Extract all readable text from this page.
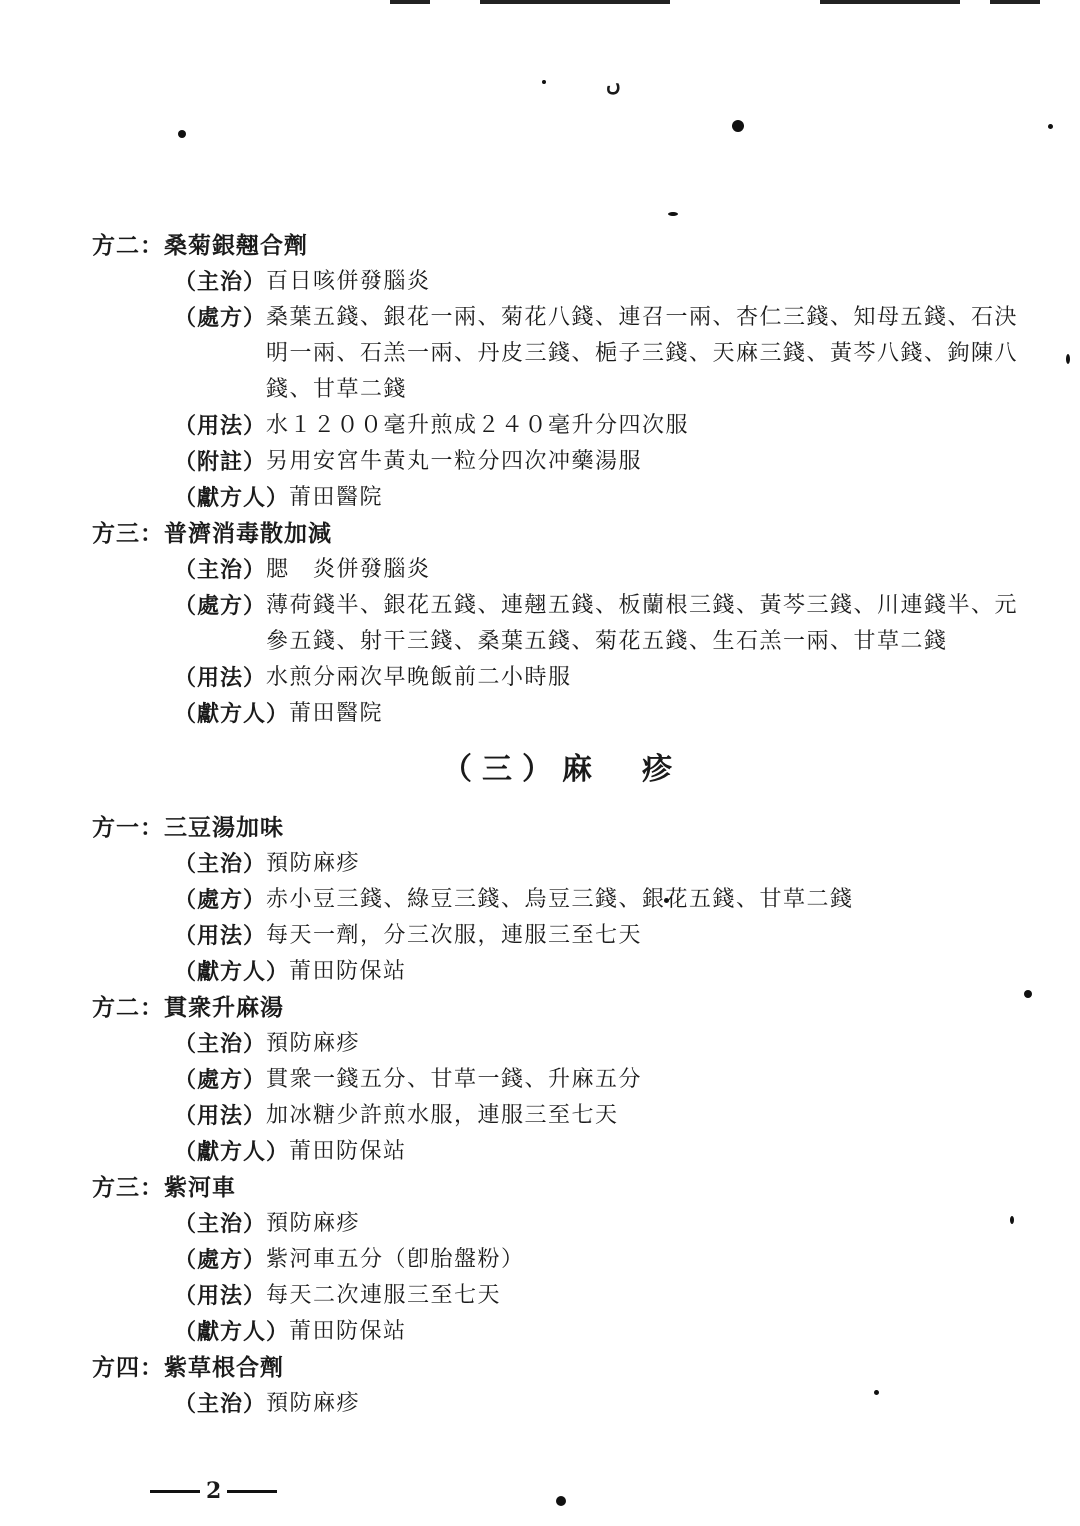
ں
方二：桑菊銀翹合劑
（主治） 百日咳併發腦炎
（處方） 桑葉五錢、銀花一兩、菊花八錢、連召一兩、杏仁三錢、知母五錢、石決明一兩、石羔一兩、丹皮三錢、梔子三錢、天麻三錢、黃芩八錢、鉤陳八錢、甘草二錢
（用法） 水１２００毫升煎成２４０毫升分四次服
（附註） 另用安宮牛黃丸一粒分四次冲藥湯服
（獻方人） 莆田醫院
方三：普濟消毒散加減
（主治） 腮　炎併發腦炎
（處方） 薄荷錢半、銀花五錢、連翹五錢、板蘭根三錢、黃芩三錢、川連錢半、元參五錢、射干三錢、桑葉五錢、菊花五錢、生石羔一兩、甘草二錢
（用法） 水煎分兩次早晚飯前二小時服
（獻方人） 莆田醫院
（三）麻　疹
方一：三豆湯加味
（主治） 預防麻疹
（處方） 赤小豆三錢、綠豆三錢、烏豆三錢、銀花五錢、甘草二錢
（用法） 每天一劑，分三次服，連服三至七天
（獻方人） 莆田防保站
方二：貫衆升麻湯
（主治） 預防麻疹
（處方） 貫衆一錢五分、甘草一錢、升麻五分
（用法） 加冰糖少許煎水服，連服三至七天
（獻方人） 莆田防保站
方三：紫河車
（主治） 預防麻疹
（處方） 紫河車五分（卽胎盤粉）
（用法） 每天二次連服三至七天
（獻方人） 莆田防保站
方四：紫草根合劑
（主治） 預防麻疹
2
